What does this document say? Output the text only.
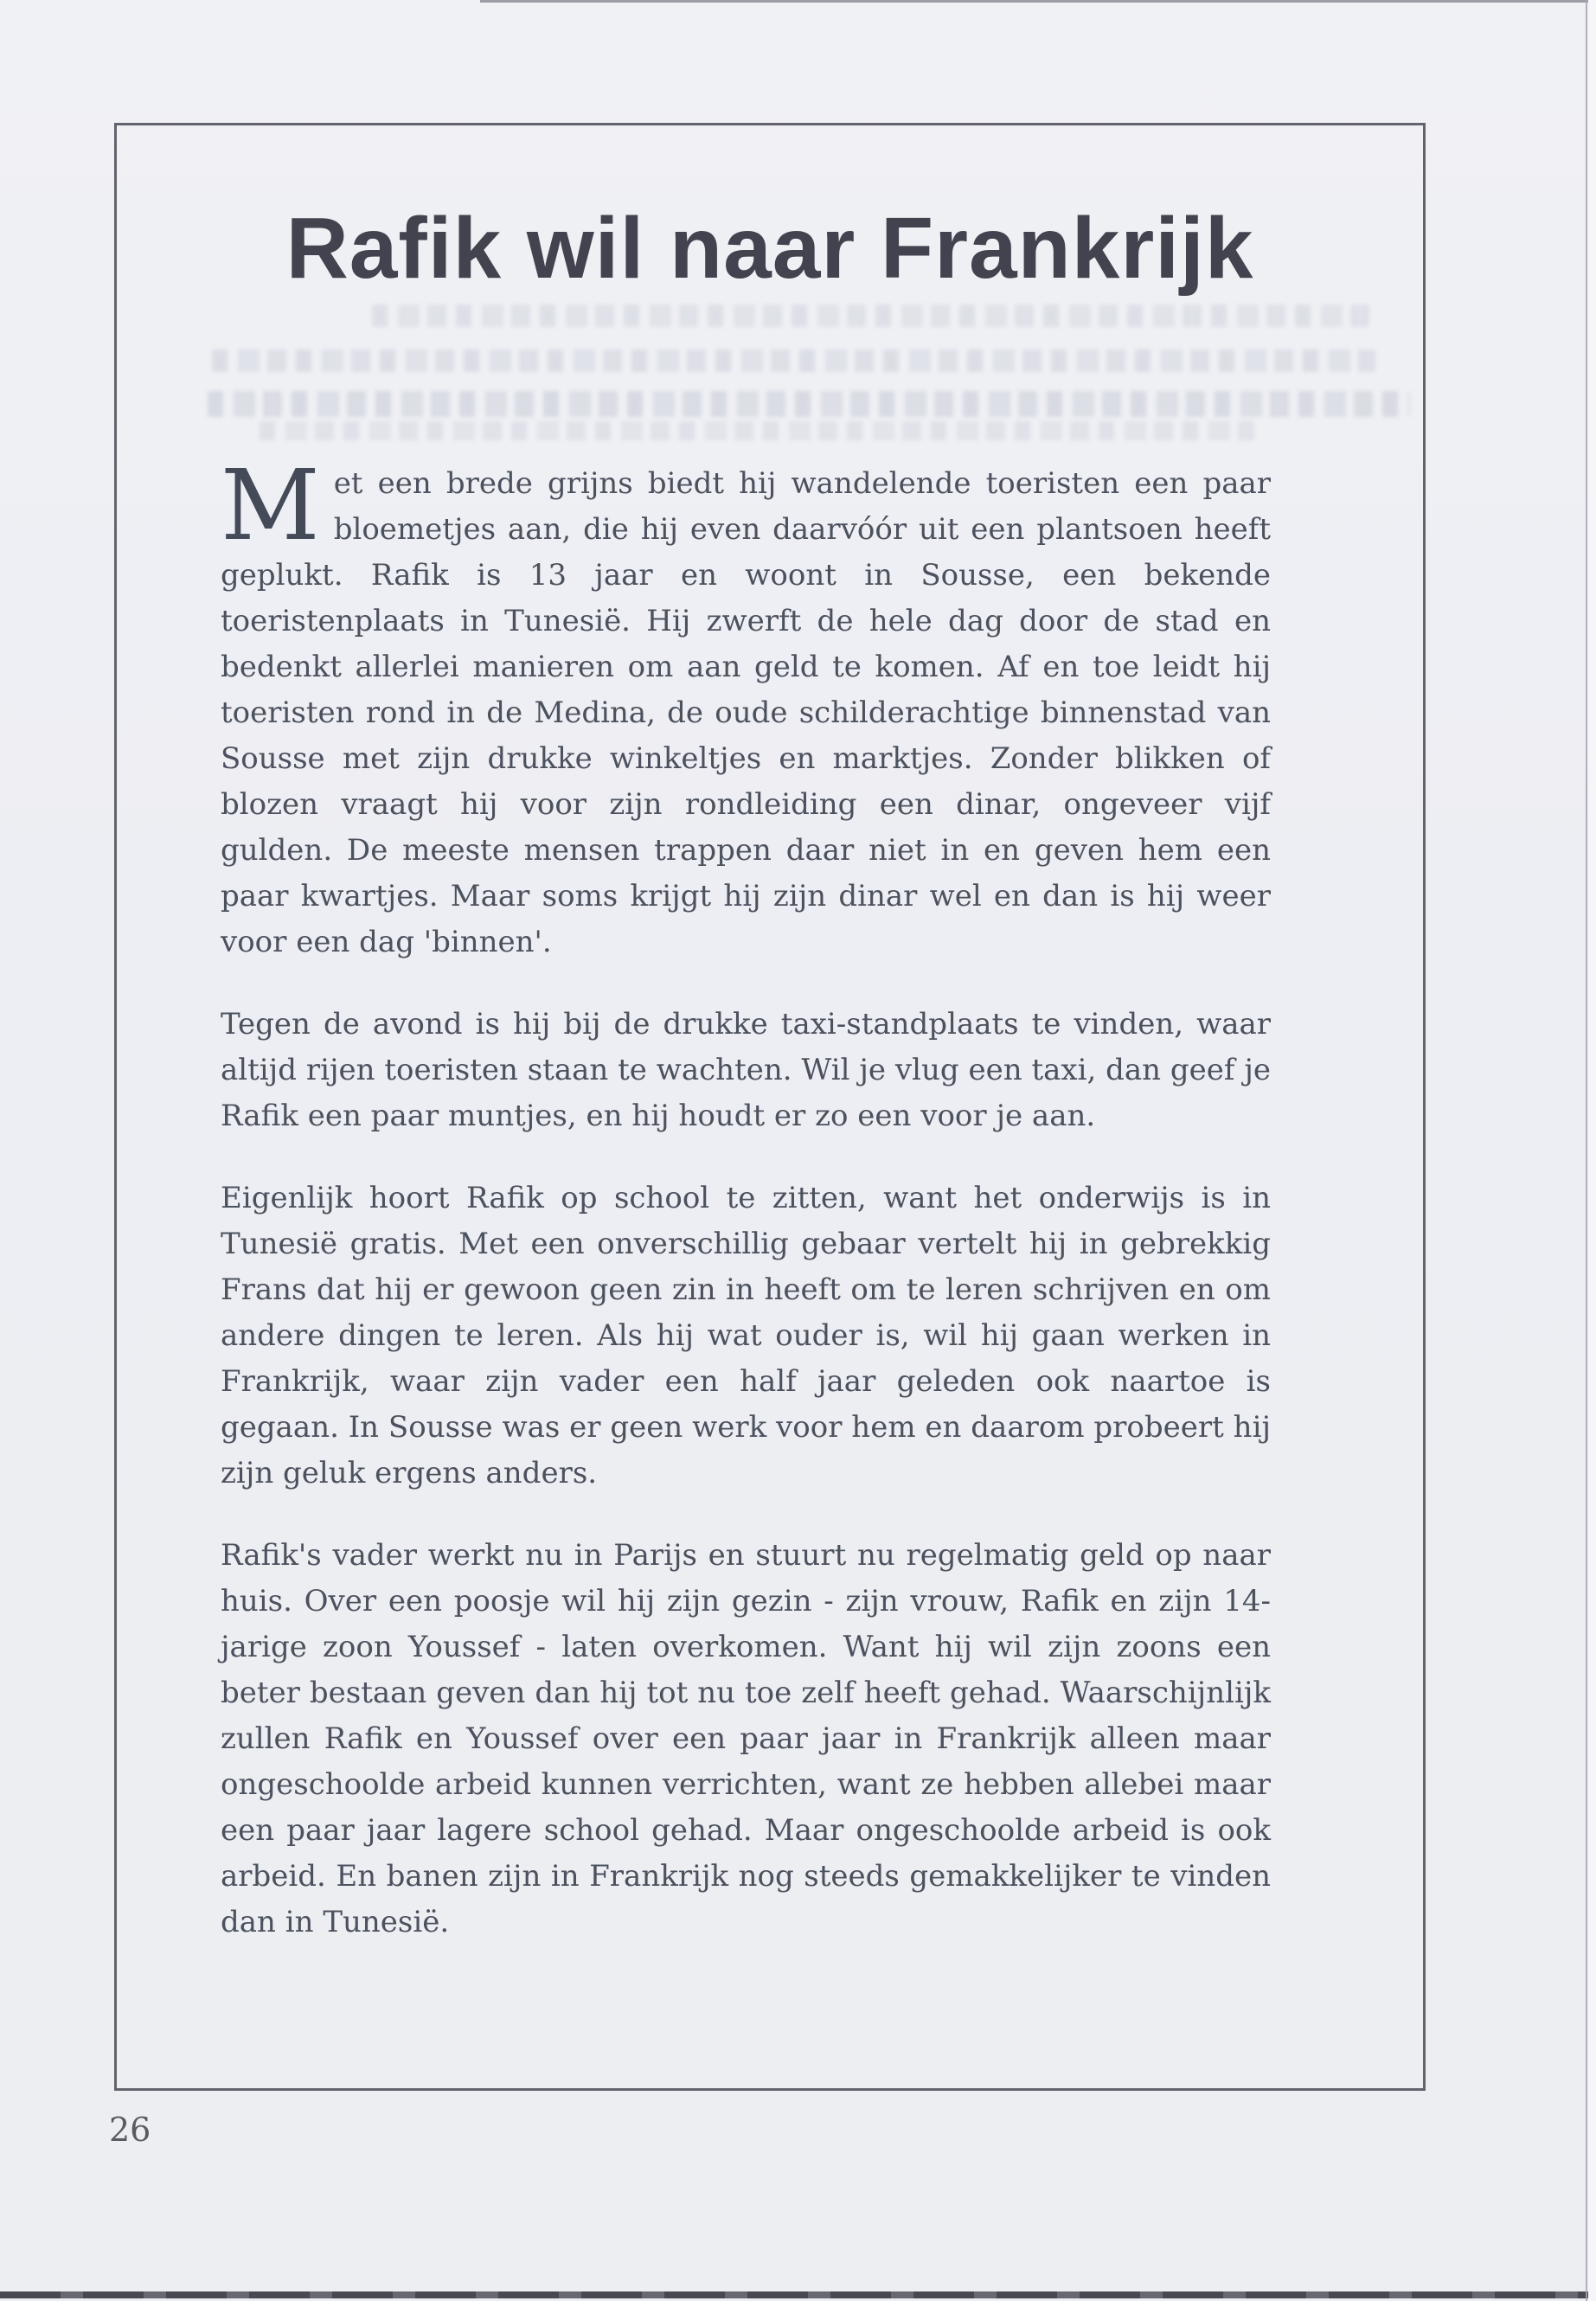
Rafik wil naar Frankrijk

Met een brede grijns biedt hij wandelende toeristen een paar bloemetjes aan, die hij even daarvóór uit een plantsoen heeft geplukt. Rafik is 13 jaar en woont in Sousse, een bekende toeristenplaats in Tunesië. Hij zwerft de hele dag door de stad en bedenkt allerlei manieren om aan geld te komen. Af en toe leidt hij toeristen rond in de Medina, de oude schilderachtige binnenstad van Sousse met zijn drukke winkeltjes en marktjes. Zonder blikken of blozen vraagt hij voor zijn rondleiding een dinar, ongeveer vijf gulden. De meeste mensen trappen daar niet in en geven hem een paar kwartjes. Maar soms krijgt hij zijn dinar wel en dan is hij weer voor een dag 'binnen'.

Tegen de avond is hij bij de drukke taxi-standplaats te vinden, waar altijd rijen toeristen staan te wachten. Wil je vlug een taxi, dan geef je Rafik een paar muntjes, en hij houdt er zo een voor je aan.

Eigenlijk hoort Rafik op school te zitten, want het onderwijs is in Tunesië gratis. Met een onverschillig gebaar vertelt hij in gebrekkig Frans dat hij er gewoon geen zin in heeft om te leren schrijven en om andere dingen te leren. Als hij wat ouder is, wil hij gaan werken in Frankrijk, waar zijn vader een half jaar geleden ook naartoe is gegaan. In Sousse was er geen werk voor hem en daarom probeert hij zijn geluk ergens anders.

Rafik's vader werkt nu in Parijs en stuurt nu regelmatig geld op naar huis. Over een poosje wil hij zijn gezin - zijn vrouw, Rafik en zijn 14-jarige zoon Youssef - laten overkomen. Want hij wil zijn zoons een beter bestaan geven dan hij tot nu toe zelf heeft gehad. Waarschijnlijk zullen Rafik en Youssef over een paar jaar in Frankrijk alleen maar ongeschoolde arbeid kunnen verrichten, want ze hebben allebei maar een paar jaar lagere school gehad. Maar ongeschoolde arbeid is ook arbeid. En banen zijn in Frankrijk nog steeds gemakkelijker te vinden dan in Tunesië.

26
